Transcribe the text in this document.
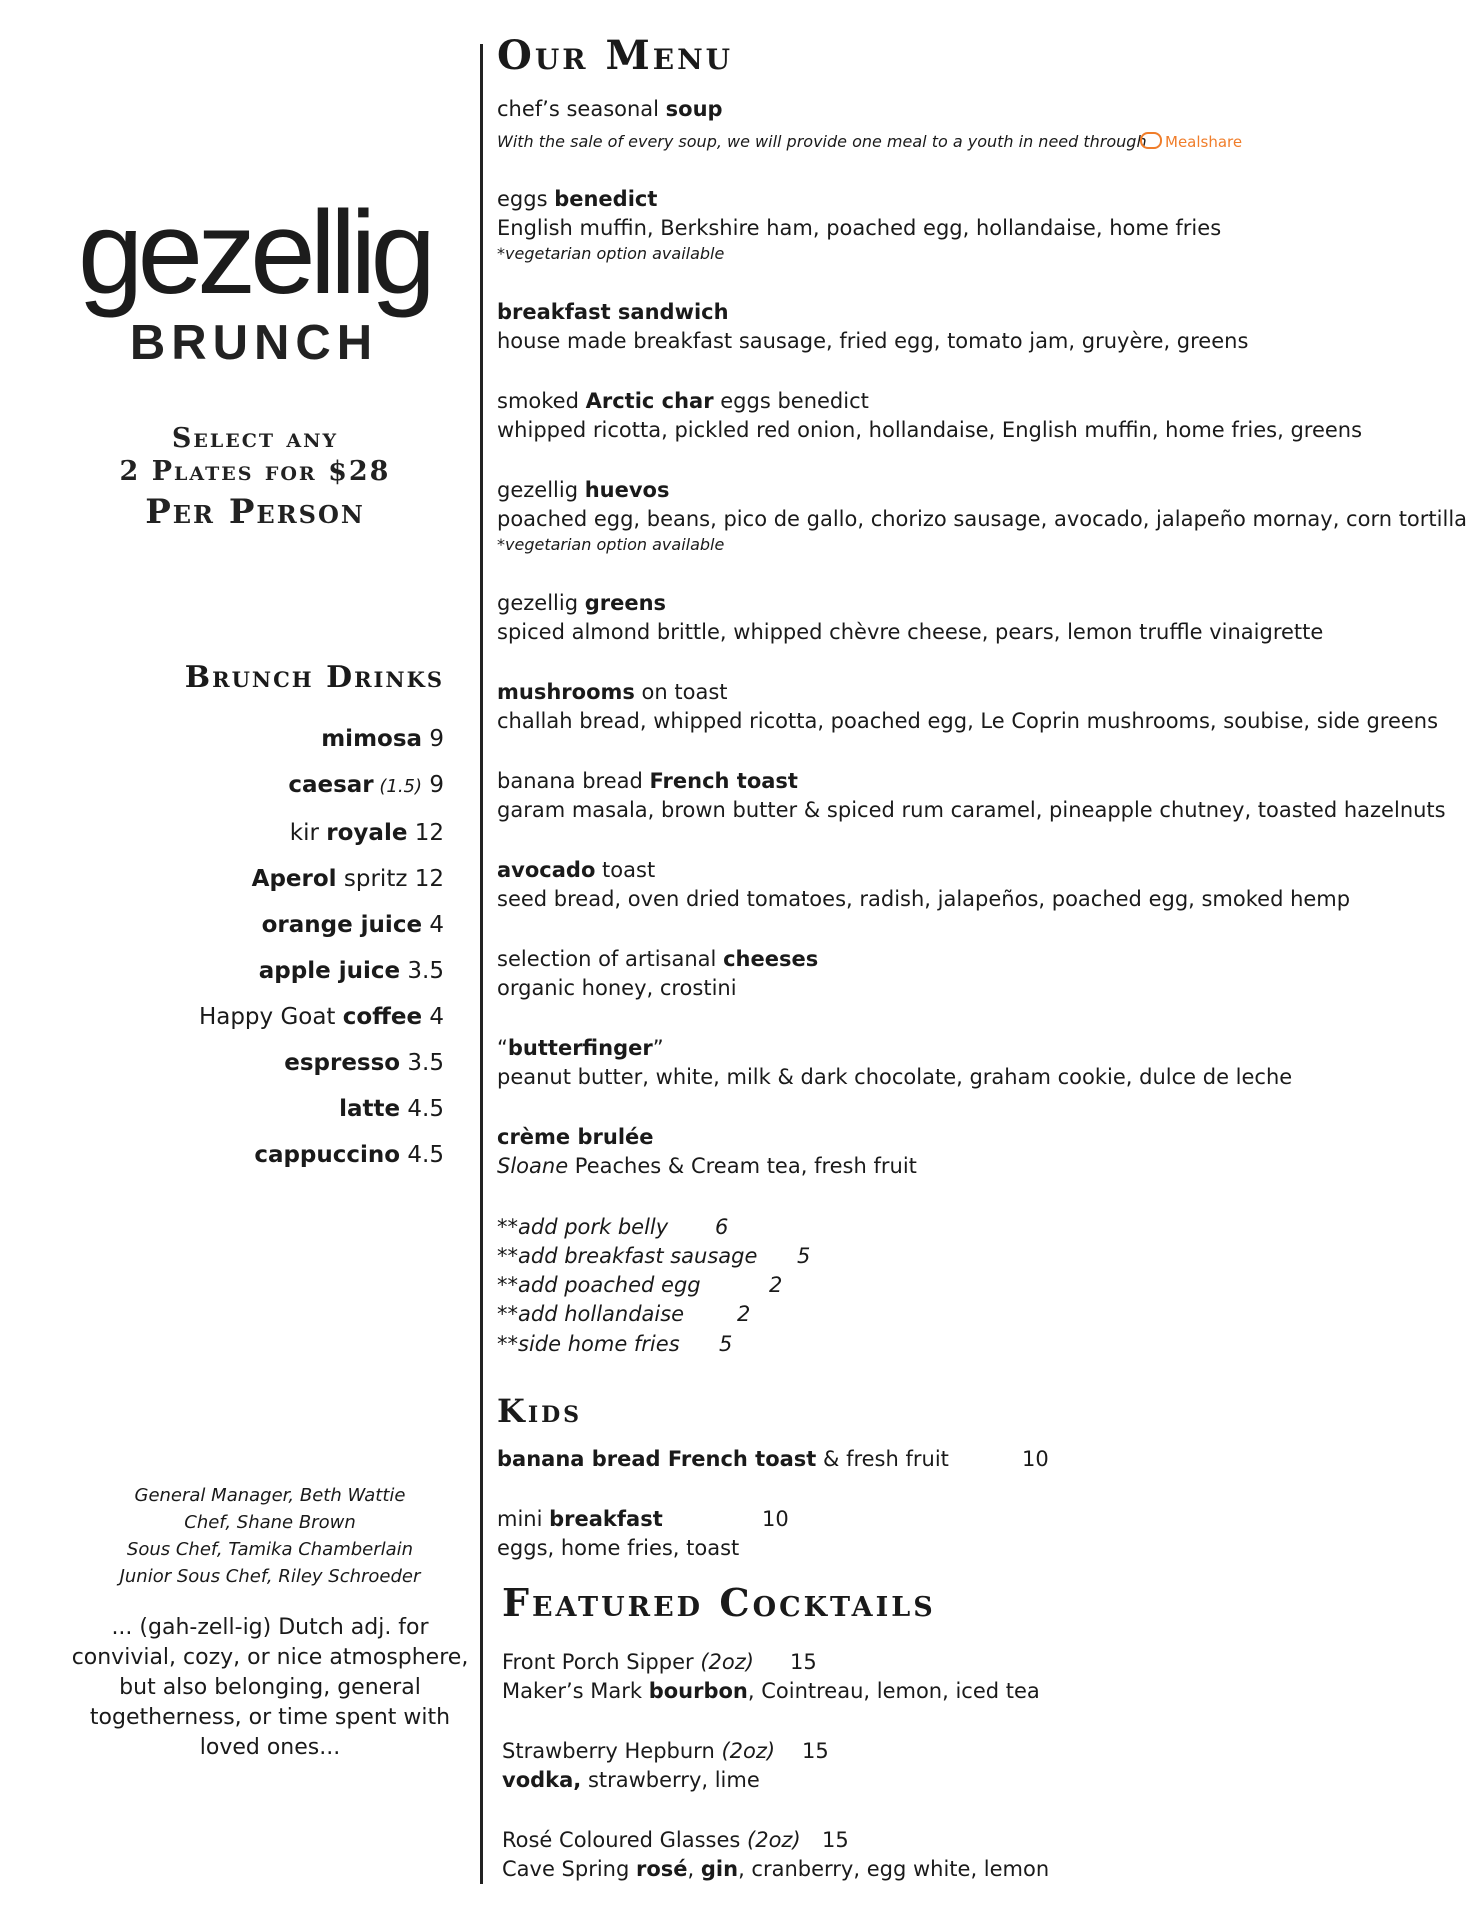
gezellig
BRUNCH
Select any
2 Plates for $28
Per Person
Brunch Drinks
mimosa 9
caesar (1.5) 9
kir royale 12
Aperol spritz 12
orange juice 4
apple juice 3.5
Happy Goat coffee 4
espresso 3.5
latte 4.5
cappuccino 4.5
General Manager, Beth Wattie
Chef, Shane Brown
Sous Chef, Tamika Chamberlain
Junior Sous Chef, Riley Schroeder
... (gah-zell-ig) Dutch adj. for convivial, cozy, or nice atmosphere, but also belonging, general togetherness, or time spent with loved ones...
Our Menu
chef’s seasonal soup
With the sale of every soup, we will provide one meal to a youth in need through	Mealshare
eggs benedict
English muffin, Berkshire ham, poached egg, hollandaise, home fries
*vegetarian option available
breakfast sandwich
house made breakfast sausage, fried egg, tomato jam, gruyère, greens
smoked Arctic char eggs benedict
whipped ricotta, pickled red onion, hollandaise, English muffin, home fries, greens
gezellig huevos
poached egg, beans, pico de gallo, chorizo sausage, avocado, jalapeño mornay, corn tortilla
*vegetarian option available
gezellig greens
spiced almond brittle, whipped chèvre cheese, pears, lemon truffle vinaigrette
mushrooms on toast
challah bread, whipped ricotta, poached egg, Le Coprin mushrooms, soubise, side greens
banana bread French toast
garam masala, brown butter & spiced rum caramel, pineapple chutney, toasted hazelnuts
avocado toast
seed bread, oven dried tomatoes, radish, jalapeños, poached egg, smoked hemp
selection of artisanal cheeses
organic honey, crostini
“butterfinger”
peanut butter, white, milk & dark chocolate, graham cookie, dulce de leche
crème brulée
Sloane Peaches & Cream tea, fresh fruit
**add pork belly 6
**add breakfast sausage 5
**add poached egg	2
**add hollandaise	2
**side home fries 5
Kids
banana bread French toast & fresh fruit	10
mini breakfast	10
eggs, home fries, toast
Featured Cocktails
Front Porch Sipper (2oz) 15
Maker’s Mark bourbon, Cointreau, lemon, iced tea
Strawberry Hepburn (2oz) 15
vodka, strawberry, lime
Rosé Coloured Glasses (2oz) 15
Cave Spring rosé, gin, cranberry, egg white, lemon
